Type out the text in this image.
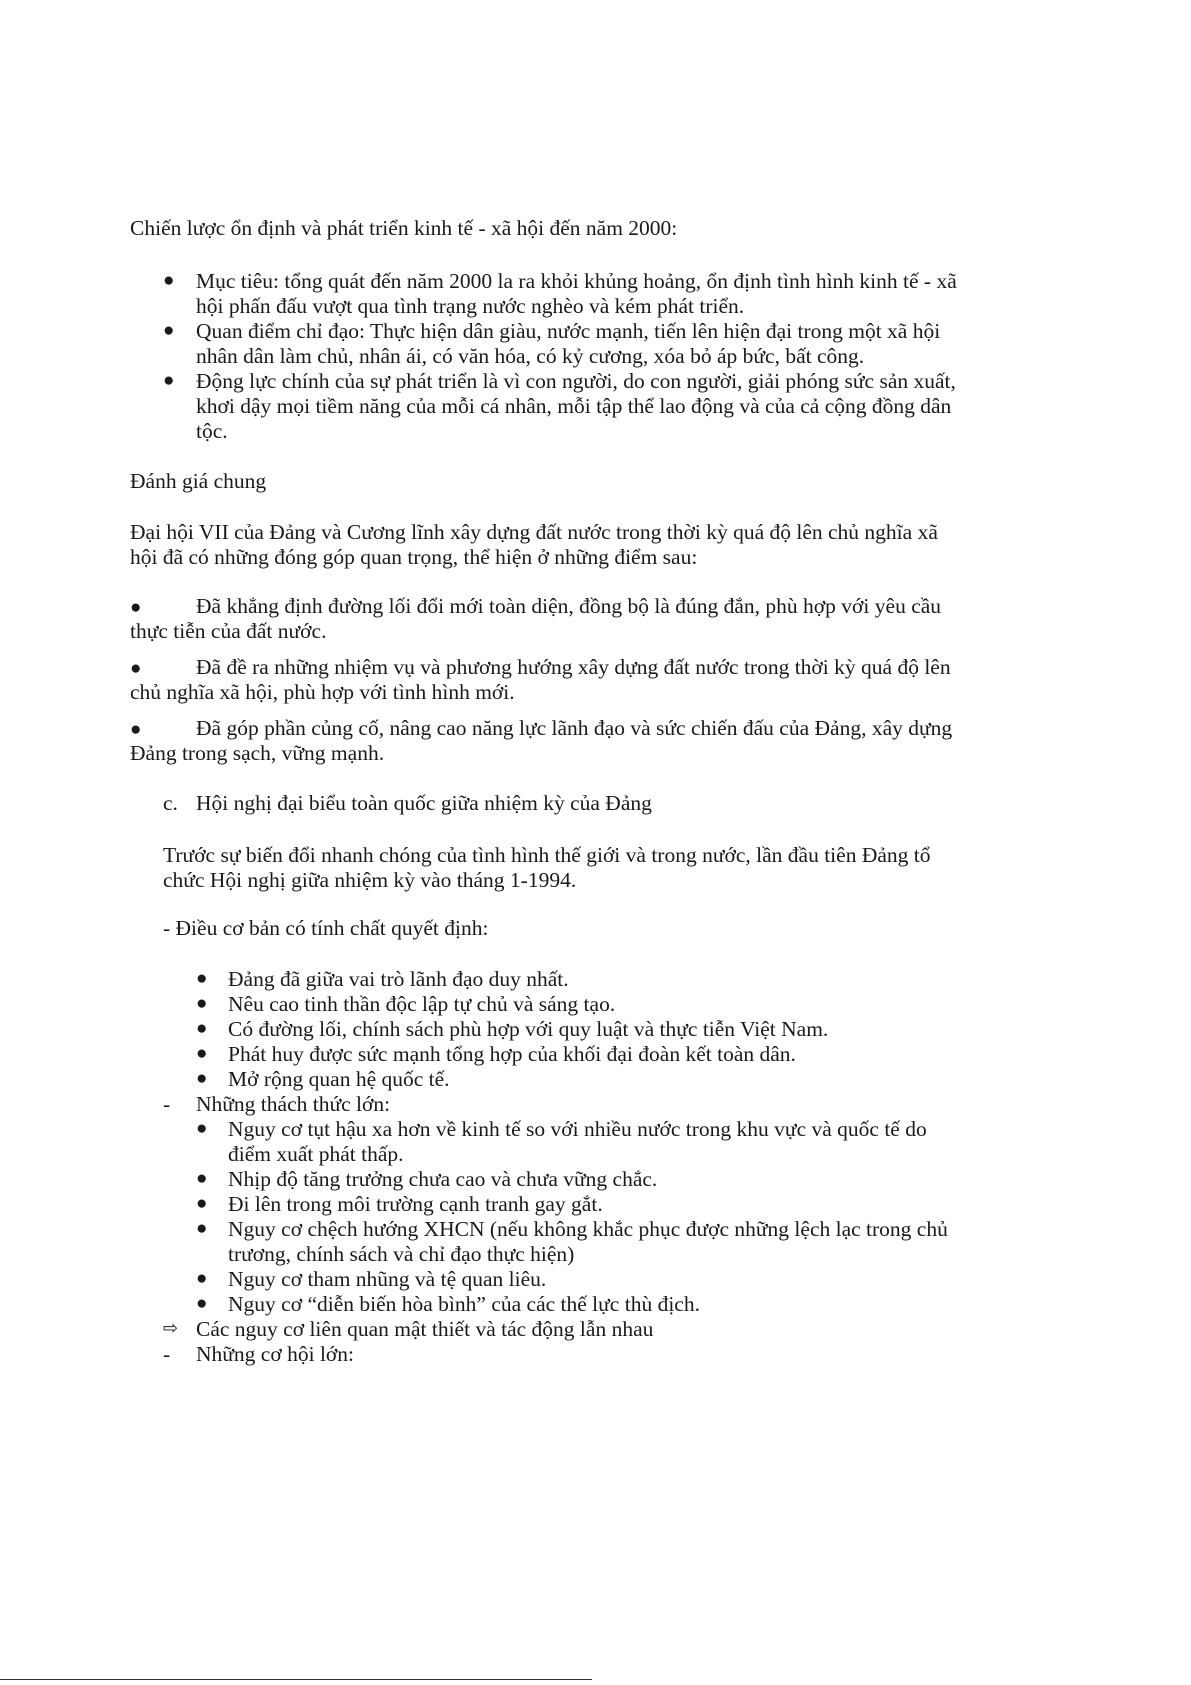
Chiến lược ổn định và phát triển kinh tế - xã hội đến năm 2000:

● Mục tiêu: tổng quát đến năm 2000 la ra khỏi khủng hoảng, ổn định tình hình kinh tế - xã
hội phấn đấu vượt qua tình trạng nước nghèo và kém phát triển.
● Quan điểm chỉ đạo: Thực hiện dân giàu, nước mạnh, tiến lên hiện đại trong một xã hội
nhân dân làm chủ, nhân ái, có văn hóa, có kỷ cương, xóa bỏ áp bức, bất công.
● Động lực chính của sự phát triển là vì con người, do con người, giải phóng sức sản xuất,
khơi dậy mọi tiềm năng của mỗi cá nhân, mỗi tập thể lao động và của cả cộng đồng dân
tộc.

Đánh giá chung

Đại hội VII của Đảng và Cương lĩnh xây dựng đất nước trong thời kỳ quá độ lên chủ nghĩa xã

hội đã có những đóng góp quan trọng, thể hiện ở những điểm sau:

●	Đã khẳng định đường lối đổi mới toàn diện, đồng bộ là đúng đắn, phù hợp với yêu cầu
thực tiễn của đất nước.
●	Đã đề ra những nhiệm vụ và phương hướng xây dựng đất nước trong thời kỳ quá độ lên
chủ nghĩa xã hội, phù hợp với tình hình mới.
●	Đã góp phần củng cố, nâng cao năng lực lãnh đạo và sức chiến đấu của Đảng, xây dựng
Đảng trong sạch, vững mạnh.
c. Hội nghị đại biểu toàn quốc giữa nhiệm kỳ của Đảng

Trước sự biến đổi nhanh chóng của tình hình thế giới và trong nước, lần đầu tiên Đảng tổ

chức Hội nghị giữa nhiệm kỳ vào tháng 1-1994.

- Điều cơ bản có tính chất quyết định:

● Đảng đã giữa vai trò lãnh đạo duy nhất.
● Nêu cao tinh thần độc lập tự chủ và sáng tạo.
● Có đường lối, chính sách phù hợp với quy luật và thực tiễn Việt Nam.
● Phát huy được sức mạnh tổng hợp của khối đại đoàn kết toàn dân.
● Mở rộng quan hệ quốc tế.
- Những thách thức lớn:
● Nguy cơ tụt hậu xa hơn về kinh tế so với nhiều nước trong khu vực và quốc tế do
điểm xuất phát thấp.
● Nhịp độ tăng trưởng chưa cao và chưa vững chắc.
● Đi lên trong môi trường cạnh tranh gay gắt.
● Nguy cơ chệch hướng XHCN (nếu không khắc phục được những lệch lạc trong chủ
trương, chính sách và chỉ đạo thực hiện)
● Nguy cơ tham nhũng và tệ quan liêu.
● Nguy cơ “diễn biến hòa bình” của các thế lực thù địch.
⇨ Các nguy cơ liên quan mật thiết và tác động lẫn nhau
- Những cơ hội lớn:
